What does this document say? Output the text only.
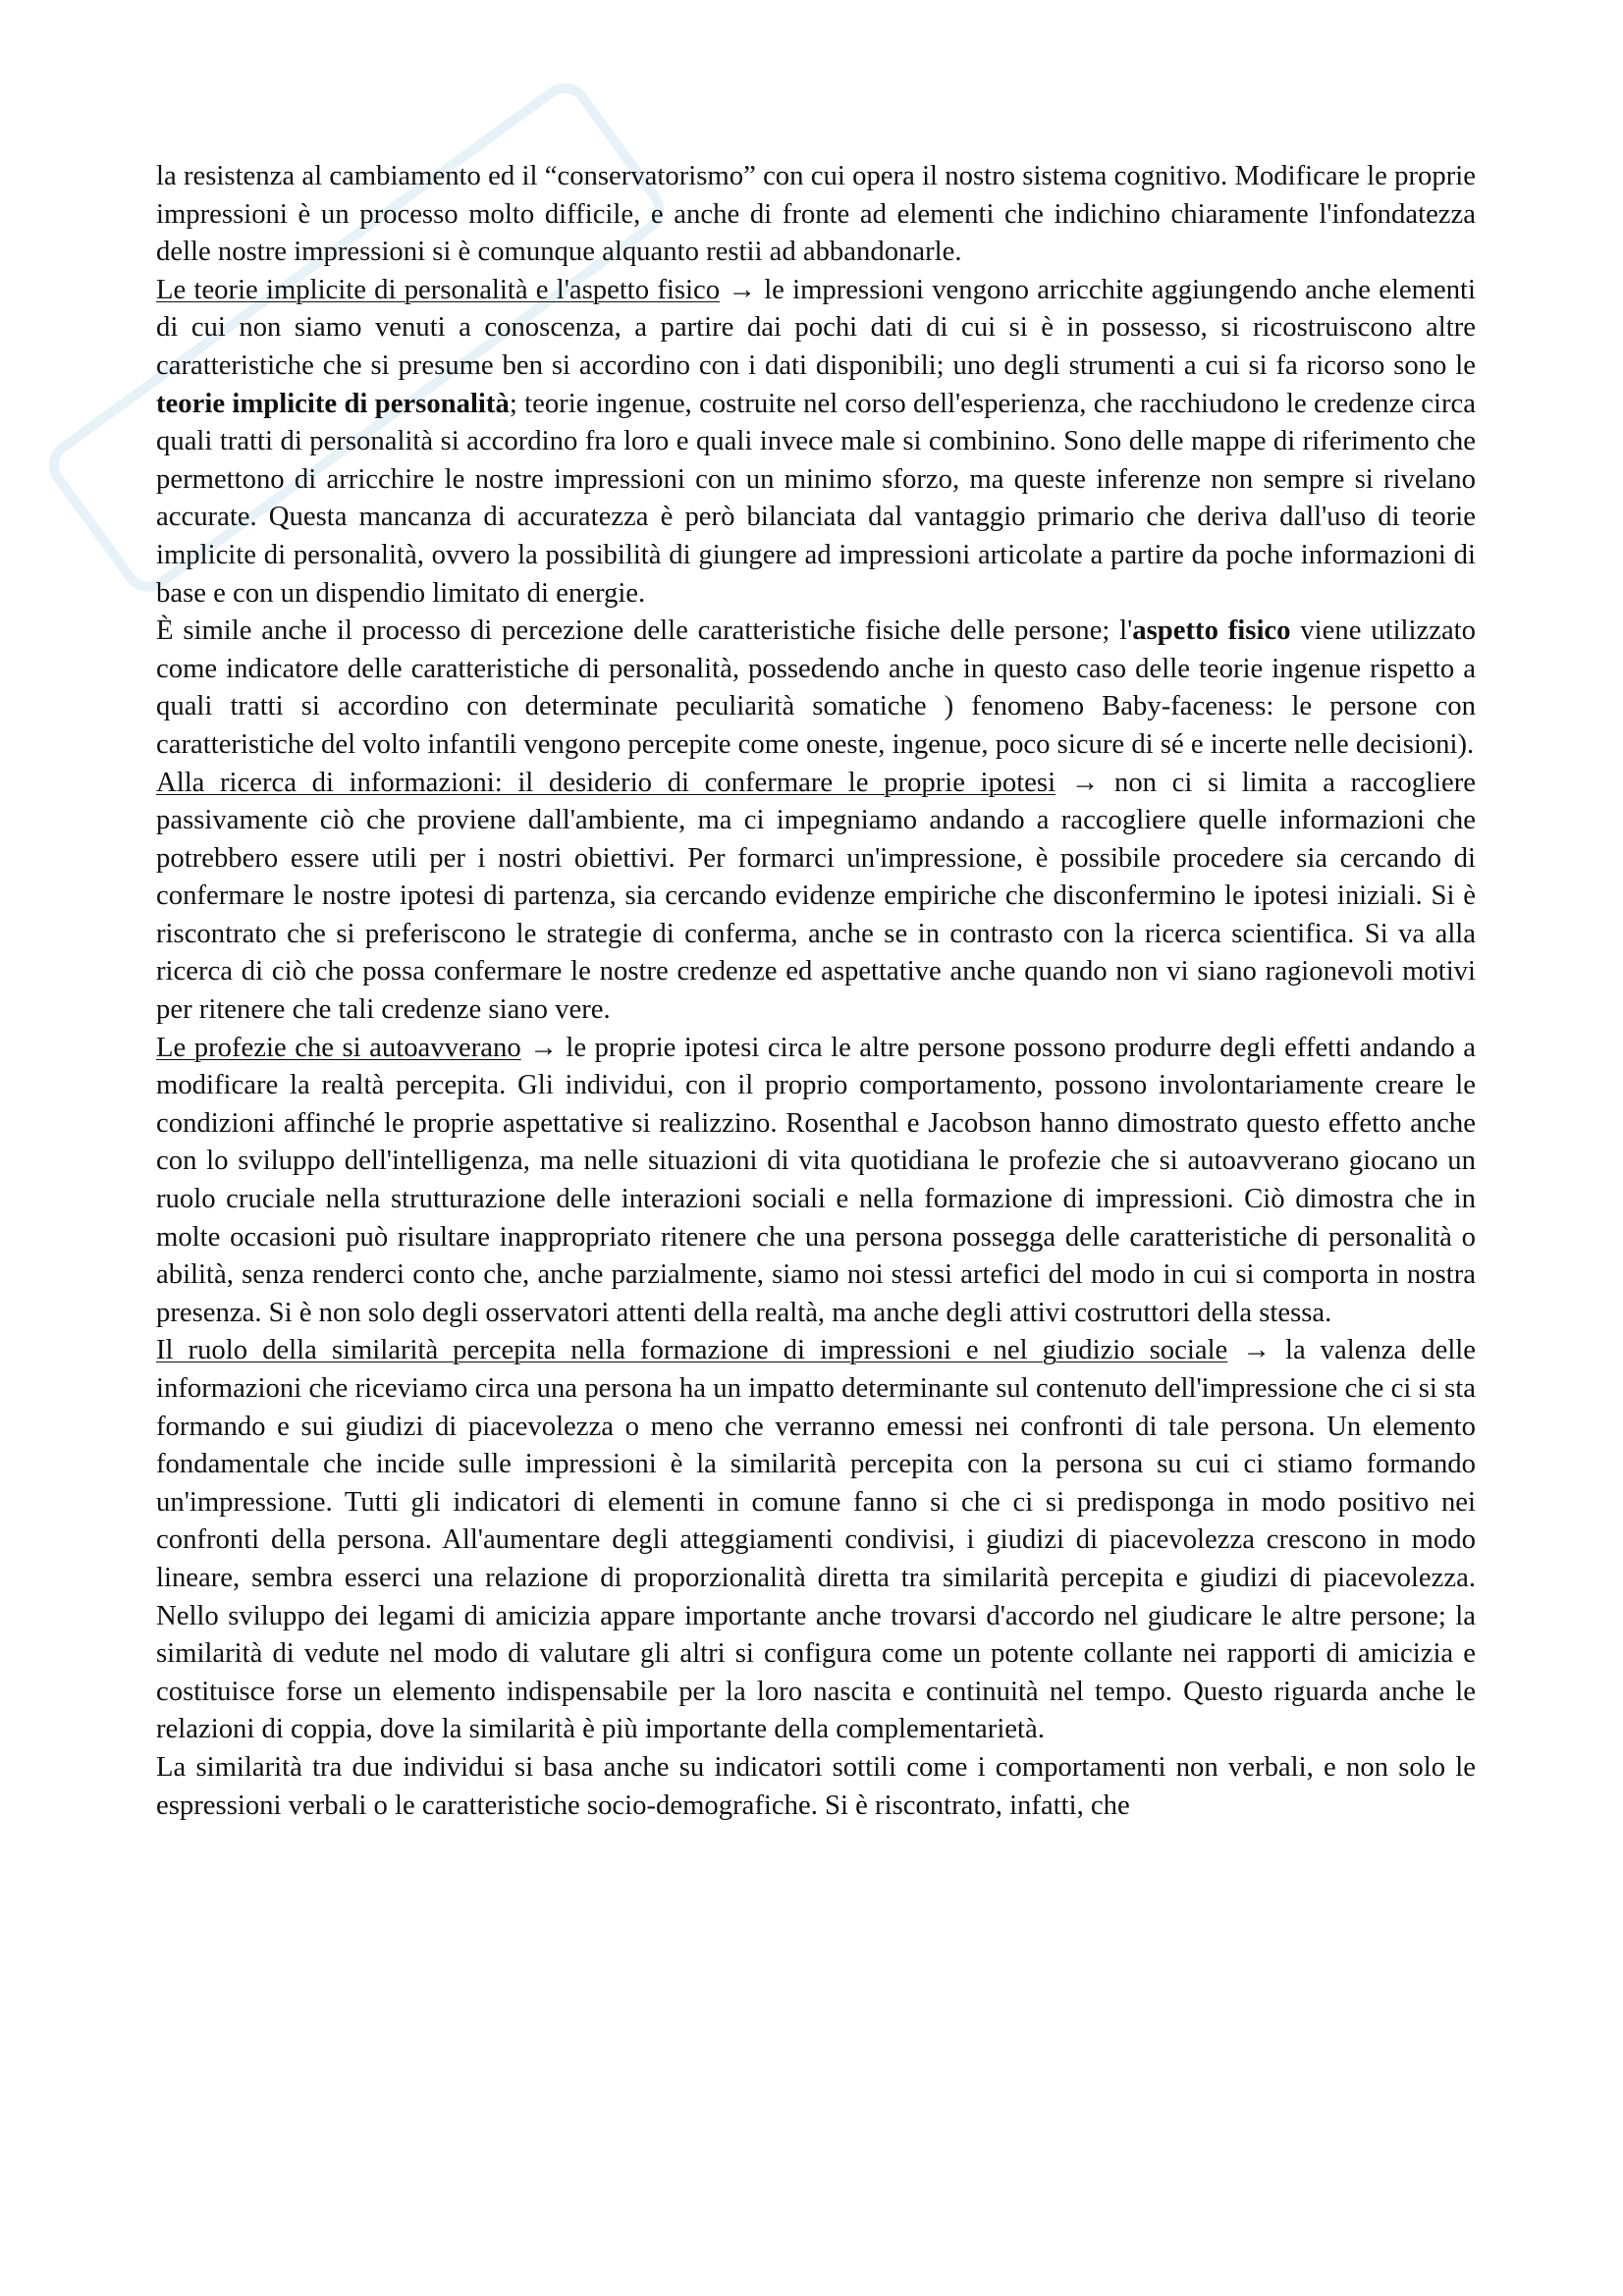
la resistenza al cambiamento ed il “conservatorismo” con cui opera il nostro sistema cognitivo. Modificare le proprie impressioni è un processo molto difficile, e anche di fronte ad elementi che indichino chiaramente l'infondatezza delle nostre impressioni si è comunque alquanto restii ad abbandonarle.

Le teorie implicite di personalità e l'aspetto fisico → le impressioni vengono arricchite aggiungendo anche elementi di cui non siamo venuti a conoscenza, a partire dai pochi dati di cui si è in possesso, si ricostruiscono altre caratteristiche che si presume ben si accordino con i dati disponibili; uno degli strumenti a cui si fa ricorso sono le teorie implicite di personalità; teorie ingenue, costruite nel corso dell'esperienza, che racchiudono le credenze circa quali tratti di personalità si accordino fra loro e quali invece male si combinino. Sono delle mappe di riferimento che permettono di arricchire le nostre impressioni con un minimo sforzo, ma queste inferenze non sempre si rivelano accurate. Questa mancanza di accuratezza è però bilanciata dal vantaggio primario che deriva dall'uso di teorie implicite di personalità, ovvero la possibilità di giungere ad impressioni articolate a partire da poche informazioni di base e con un dispendio limitato di energie.

È simile anche il processo di percezione delle caratteristiche fisiche delle persone; l'aspetto fisico viene utilizzato come indicatore delle caratteristiche di personalità, possedendo anche in questo caso delle teorie ingenue rispetto a quali tratti si accordino con determinate peculiarità somatiche ) fenomeno Baby-faceness: le persone con caratteristiche del volto infantili vengono percepite come oneste, ingenue, poco sicure di sé e incerte nelle decisioni).

Alla ricerca di informazioni: il desiderio di confermare le proprie ipotesi → non ci si limita a raccogliere passivamente ciò che proviene dall'ambiente, ma ci impegniamo andando a raccogliere quelle informazioni che potrebbero essere utili per i nostri obiettivi. Per formarci un'impressione, è possibile procedere sia cercando di confermare le nostre ipotesi di partenza, sia cercando evidenze empiriche che disconfermino le ipotesi iniziali. Si è riscontrato che si preferiscono le strategie di conferma, anche se in contrasto con la ricerca scientifica. Si va alla ricerca di ciò che possa confermare le nostre credenze ed aspettative anche quando non vi siano ragionevoli motivi per ritenere che tali credenze siano vere.

Le profezie che si autoavverano → le proprie ipotesi circa le altre persone possono produrre degli effetti andando a modificare la realtà percepita. Gli individui, con il proprio comportamento, possono involontariamente creare le condizioni affinché le proprie aspettative si realizzino. Rosenthal e Jacobson hanno dimostrato questo effetto anche con lo sviluppo dell'intelligenza, ma nelle situazioni di vita quotidiana le profezie che si autoavverano giocano un ruolo cruciale nella strutturazione delle interazioni sociali e nella formazione di impressioni. Ciò dimostra che in molte occasioni può risultare inappropriato ritenere che una persona possegga delle caratteristiche di personalità o abilità, senza renderci conto che, anche parzialmente, siamo noi stessi artefici del modo in cui si comporta in nostra presenza. Si è non solo degli osservatori attenti della realtà, ma anche degli attivi costruttori della stessa.

Il ruolo della similarità percepita nella formazione di impressioni e nel giudizio sociale → la valenza delle informazioni che riceviamo circa una persona ha un impatto determinante sul contenuto dell'impressione che ci si sta formando e sui giudizi di piacevolezza o meno che verranno emessi nei confronti di tale persona. Un elemento fondamentale che incide sulle impressioni è la similarità percepita con la persona su cui ci stiamo formando un'impressione. Tutti gli indicatori di elementi in comune fanno si che ci si predisponga in modo positivo nei confronti della persona. All'aumentare degli atteggiamenti condivisi, i giudizi di piacevolezza crescono in modo lineare, sembra esserci una relazione di proporzionalità diretta tra similarità percepita e giudizi di piacevolezza. Nello sviluppo dei legami di amicizia appare importante anche trovarsi d'accordo nel giudicare le altre persone; la similarità di vedute nel modo di valutare gli altri si configura come un potente collante nei rapporti di amicizia e costituisce forse un elemento indispensabile per la loro nascita e continuità nel tempo. Questo riguarda anche le relazioni di coppia, dove la similarità è più importante della complementarietà.

La similarità tra due individui si basa anche su indicatori sottili come i comportamenti non verbali, e non solo le espressioni verbali o le caratteristiche socio-demografiche. Si è riscontrato, infatti, che
